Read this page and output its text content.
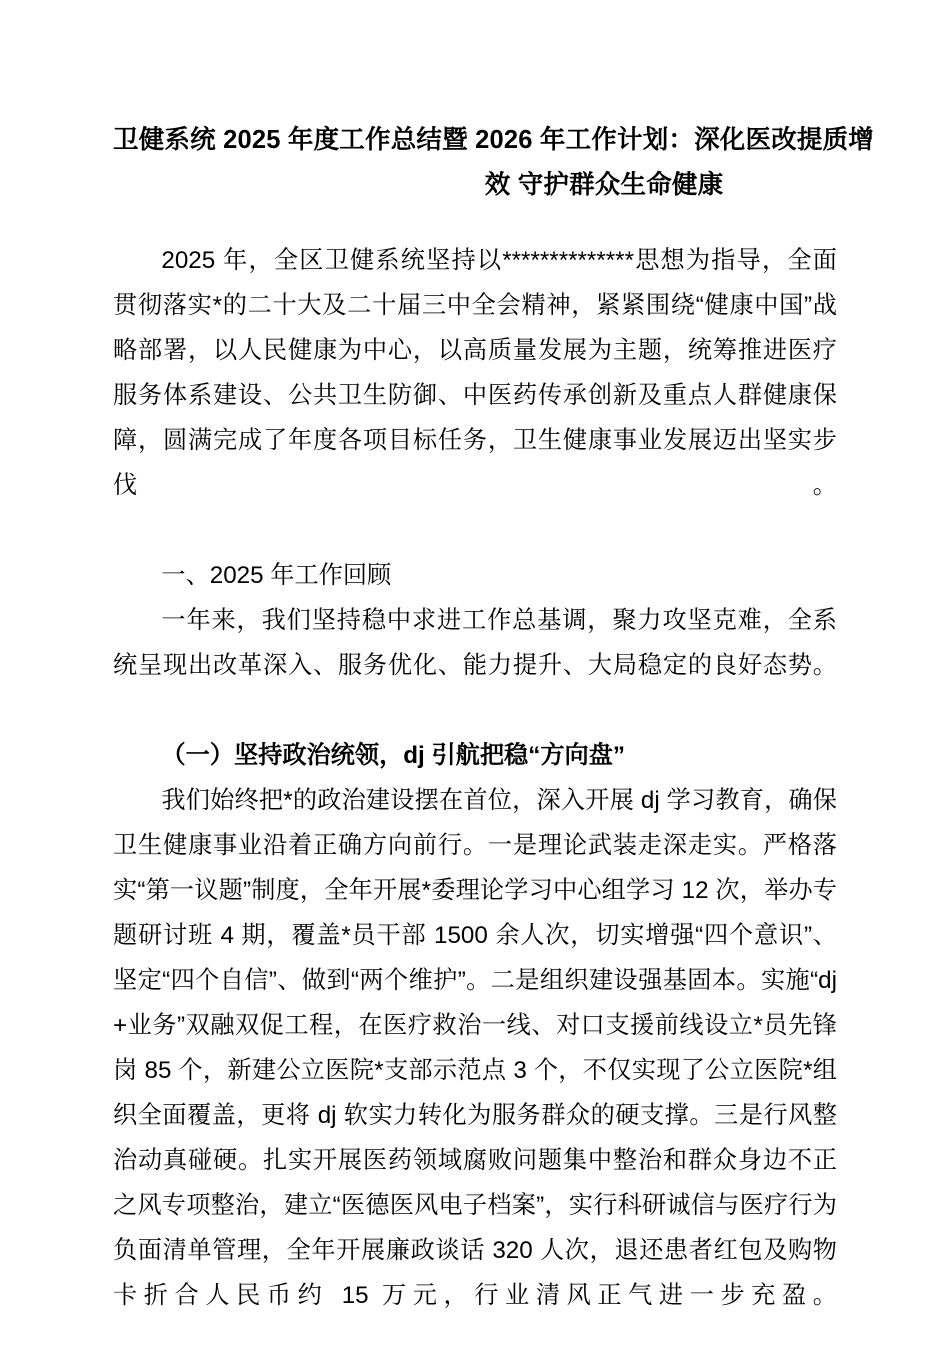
卫健系统 2025 年度工作总结暨 2026 年工作计划：深化医改提质增
效 守护群众生命健康

2025 年，全区卫健系统坚持以**************思想为指导，全面贯彻落实*的二十大及二十届三中全会精神，紧紧围绕“健康中国”战略部署，以人民健康为中心，以高质量发展为主题，统筹推进医疗服务体系建设、公共卫生防御、中医药传承创新及重点人群健康保障，圆满完成了年度各项目标任务，卫生健康事业发展迈出坚实步伐。

一、2025 年工作回顾

一年来，我们坚持稳中求进工作总基调，聚力攻坚克难，全系统呈现出改革深入、服务优化、能力提升、大局稳定的良好态势。

（一）坚持政治统领，dj 引航把稳“方向盘”

我们始终把*的政治建设摆在首位，深入开展 dj 学习教育，确保卫生健康事业沿着正确方向前行。一是理论武装走深走实。严格落实“第一议题”制度，全年开展*委理论学习中心组学习 12 次，举办专题研讨班 4 期，覆盖*员干部 1500 余人次，切实增强“四个意识”、坚定“四个自信”、做到“两个维护”。二是组织建设强基固本。实施“dj+业务”双融双促工程，在医疗救治一线、对口支援前线设立*员先锋岗 85 个，新建公立医院*支部示范点 3 个，不仅实现了公立医院*组织全面覆盖，更将 dj 软实力转化为服务群众的硬支撑。三是行风整治动真碰硬。扎实开展医药领域腐败问题集中整治和群众身边不正之风专项整治，建立“医德医风电子档案”，实行科研诚信与医疗行为负面清单管理，全年开展廉政谈话 320 人次，退还患者红包及购物卡折合人民币约 15 万元，行业清风正气进一步充盈。
